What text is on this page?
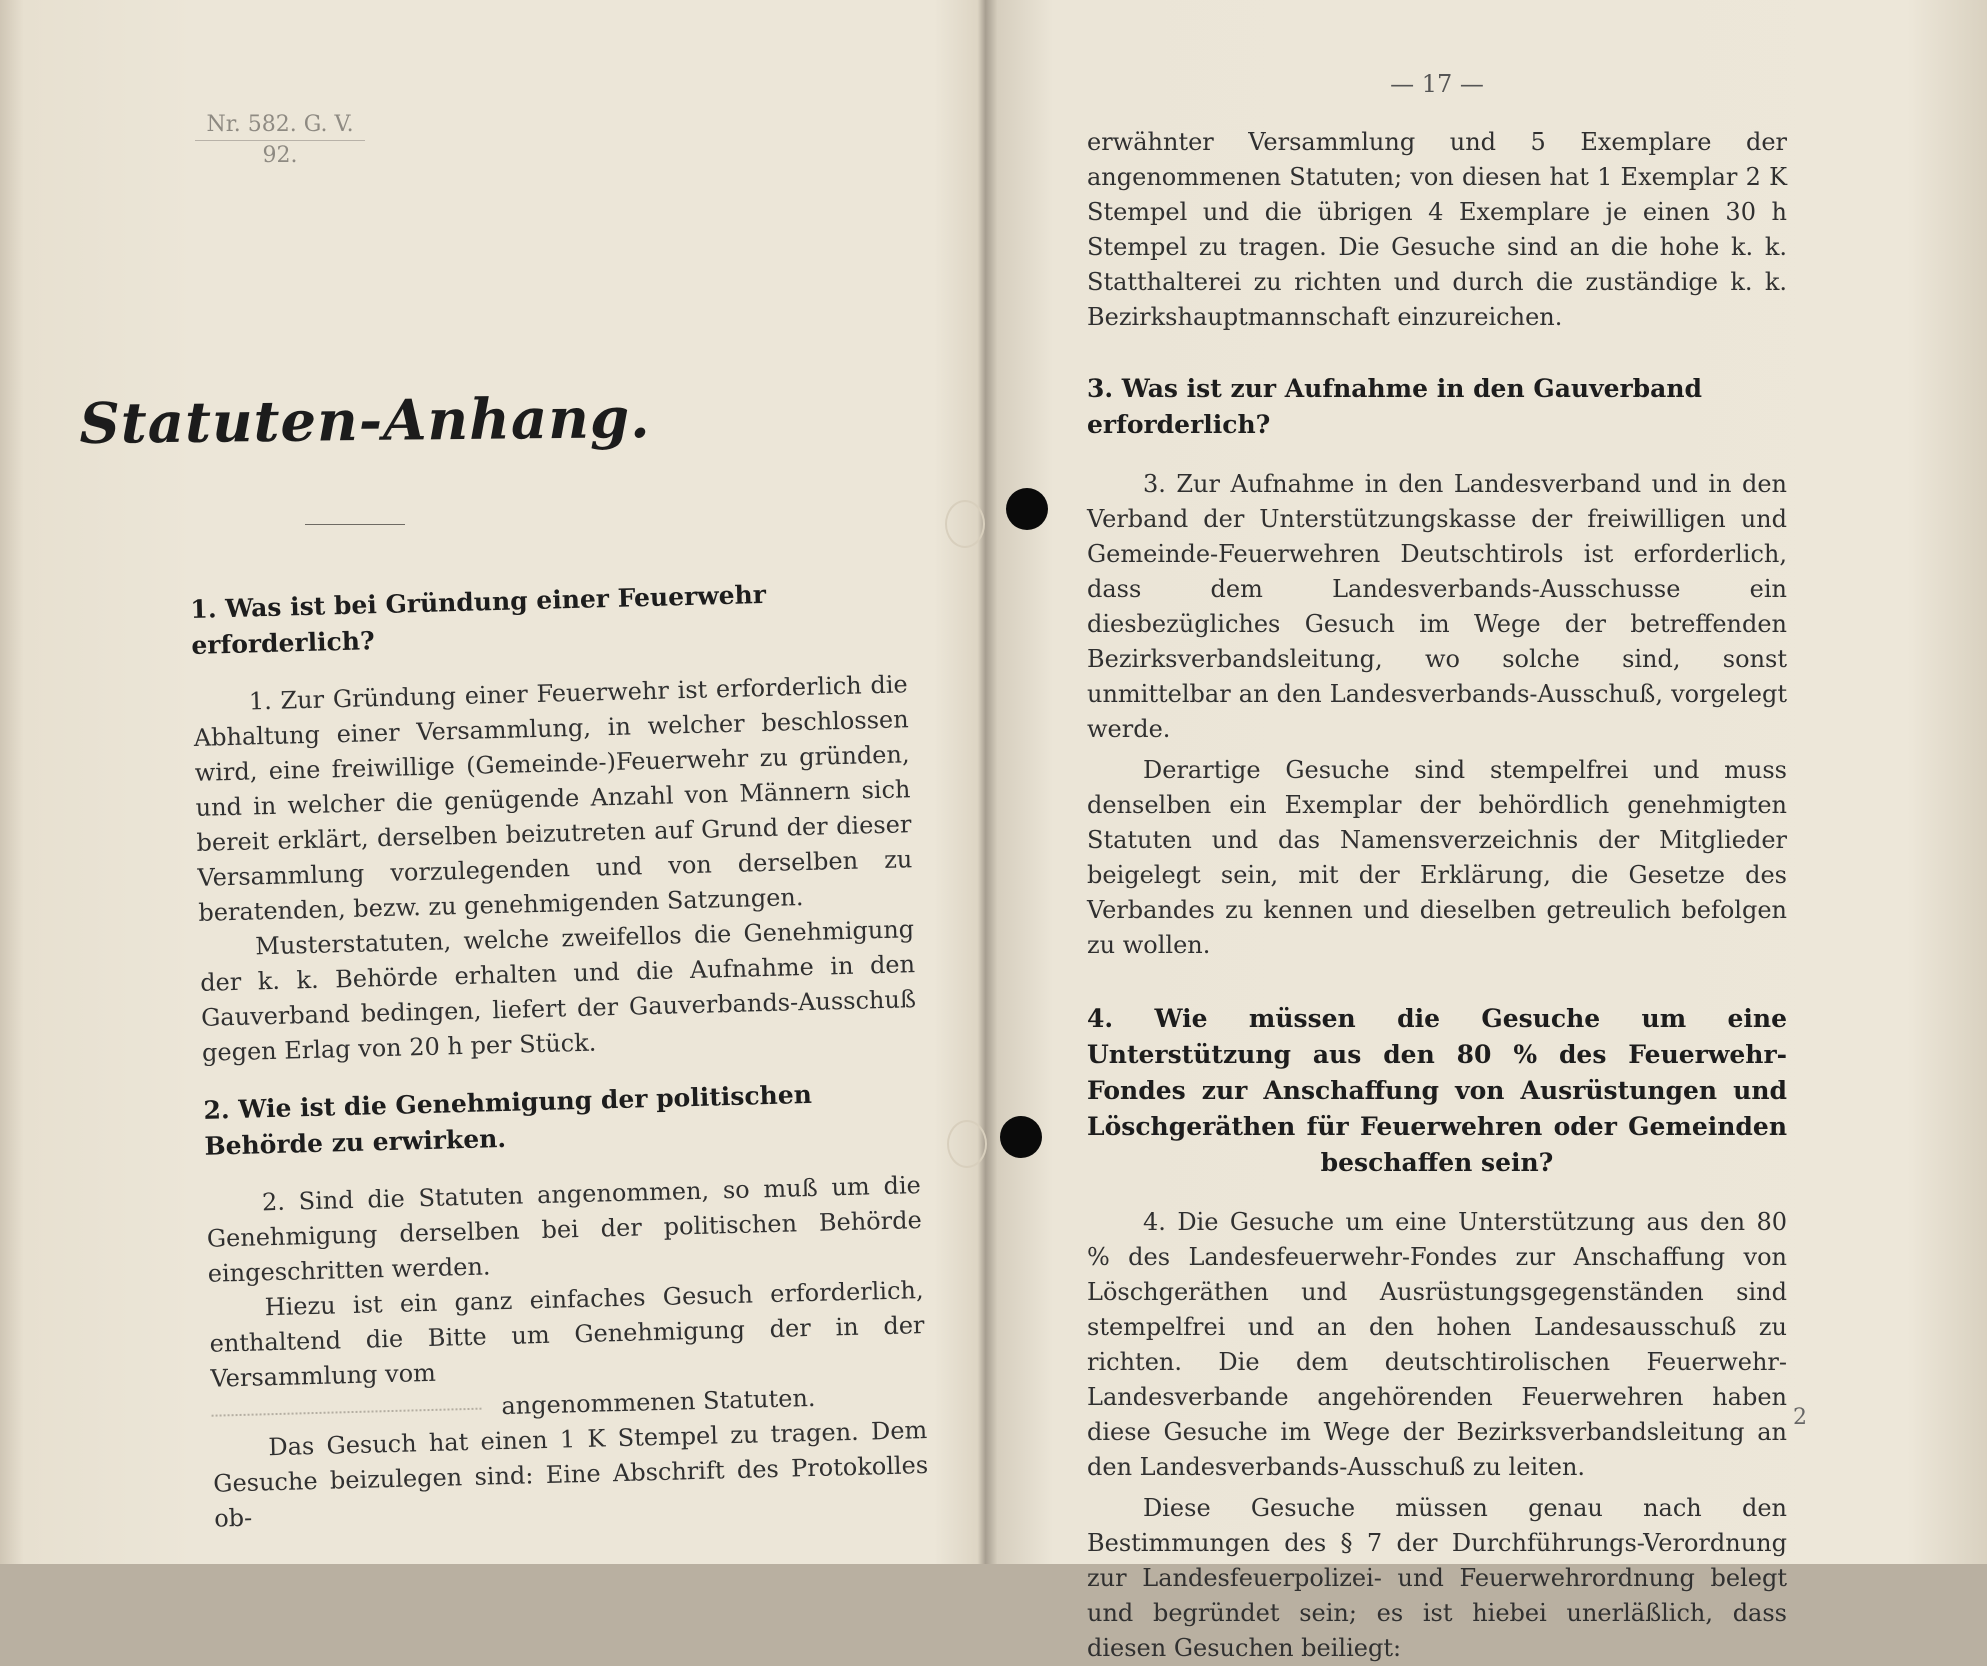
Nr. 582. G. V.
92.
Statuten-Anhang.
1. Was ist bei Gründung einer Feuerwehr erforderlich?

1. Zur Gründung einer Feuerwehr ist erforderlich die Abhaltung einer Versammlung, in welcher beschlossen wird, eine freiwillige (Gemeinde-)Feuerwehr zu gründen, und in welcher die genügende Anzahl von Männern sich bereit erklärt, derselben beizutreten auf Grund der dieser Versammlung vorzulegenden und von derselben zu beratenden, bezw. zu genehmigenden Satzungen.

Musterstatuten, welche zweifellos die Genehmigung der k. k. Behörde erhalten und die Aufnahme in den Gauverband bedingen, liefert der Gauverbands-Ausschuß gegen Erlag von 20 h per Stück.

2. Wie ist die Genehmigung der politischen Behörde zu erwirken.

2. Sind die Statuten angenommen, so muß um die Genehmigung derselben bei der politischen Behörde eingeschritten werden.

Hiezu ist ein ganz einfaches Gesuch erforderlich, enthaltend die Bitte um Genehmigung der in der Versammlung vom

angenommenen Statuten.

Das Gesuch hat einen 1 K Stempel zu tragen. Dem Gesuche beizulegen sind: Eine Abschrift des Protokolles ob-

— 17 —

erwähnter Versammlung und 5 Exemplare der angenommenen Statuten; von diesen hat 1 Exemplar 2 K Stempel und die übrigen 4 Exemplare je einen 30 h Stempel zu tragen. Die Gesuche sind an die hohe k. k. Statthalterei zu richten und durch die zuständige k. k. Bezirkshauptmannschaft einzureichen.

3. Was ist zur Aufnahme in den Gauverband erforderlich?

3. Zur Aufnahme in den Landesverband und in den Verband der Unterstützungskasse der freiwilligen und Gemeinde-Feuerwehren Deutschtirols ist erforderlich, dass dem Landesverbands-Ausschusse ein diesbezügliches Gesuch im Wege der betreffenden Bezirksverbandsleitung, wo solche sind, sonst unmittelbar an den Landesverbands-Ausschuß, vorgelegt werde.

Derartige Gesuche sind stempelfrei und muss denselben ein Exemplar der behördlich genehmigten Statuten und das Namensverzeichnis der Mitglieder beigelegt sein, mit der Erklärung, die Gesetze des Verbandes zu kennen und dieselben getreulich befolgen zu wollen.

4. Wie müssen die Gesuche um eine Unterstützung aus den 80 % des Feuerwehr-Fondes zur Anschaffung von Ausrüstungen und Löschgeräthen für Feuerwehren oder Gemeinden beschaffen sein?

4. Die Gesuche um eine Unterstützung aus den 80 % des Landesfeuerwehr-Fondes zur Anschaffung von Löschgeräthen und Ausrüstungsgegenständen sind stempelfrei und an den hohen Landesausschuß zu richten. Die dem deutschtirolischen Feuerwehr-Landesverbande angehörenden Feuerwehren haben diese Gesuche im Wege der Bezirksverbandsleitung an den Landesverbands-Ausschuß zu leiten.

Diese Gesuche müssen genau nach den Bestimmungen des § 7 der Durchführungs-Verordnung zur Landesfeuerpolizei- und Feuerwehrordnung belegt und begründet sein; es ist hiebei unerläßlich, dass diesen Gesuchen beiliegt:

2
